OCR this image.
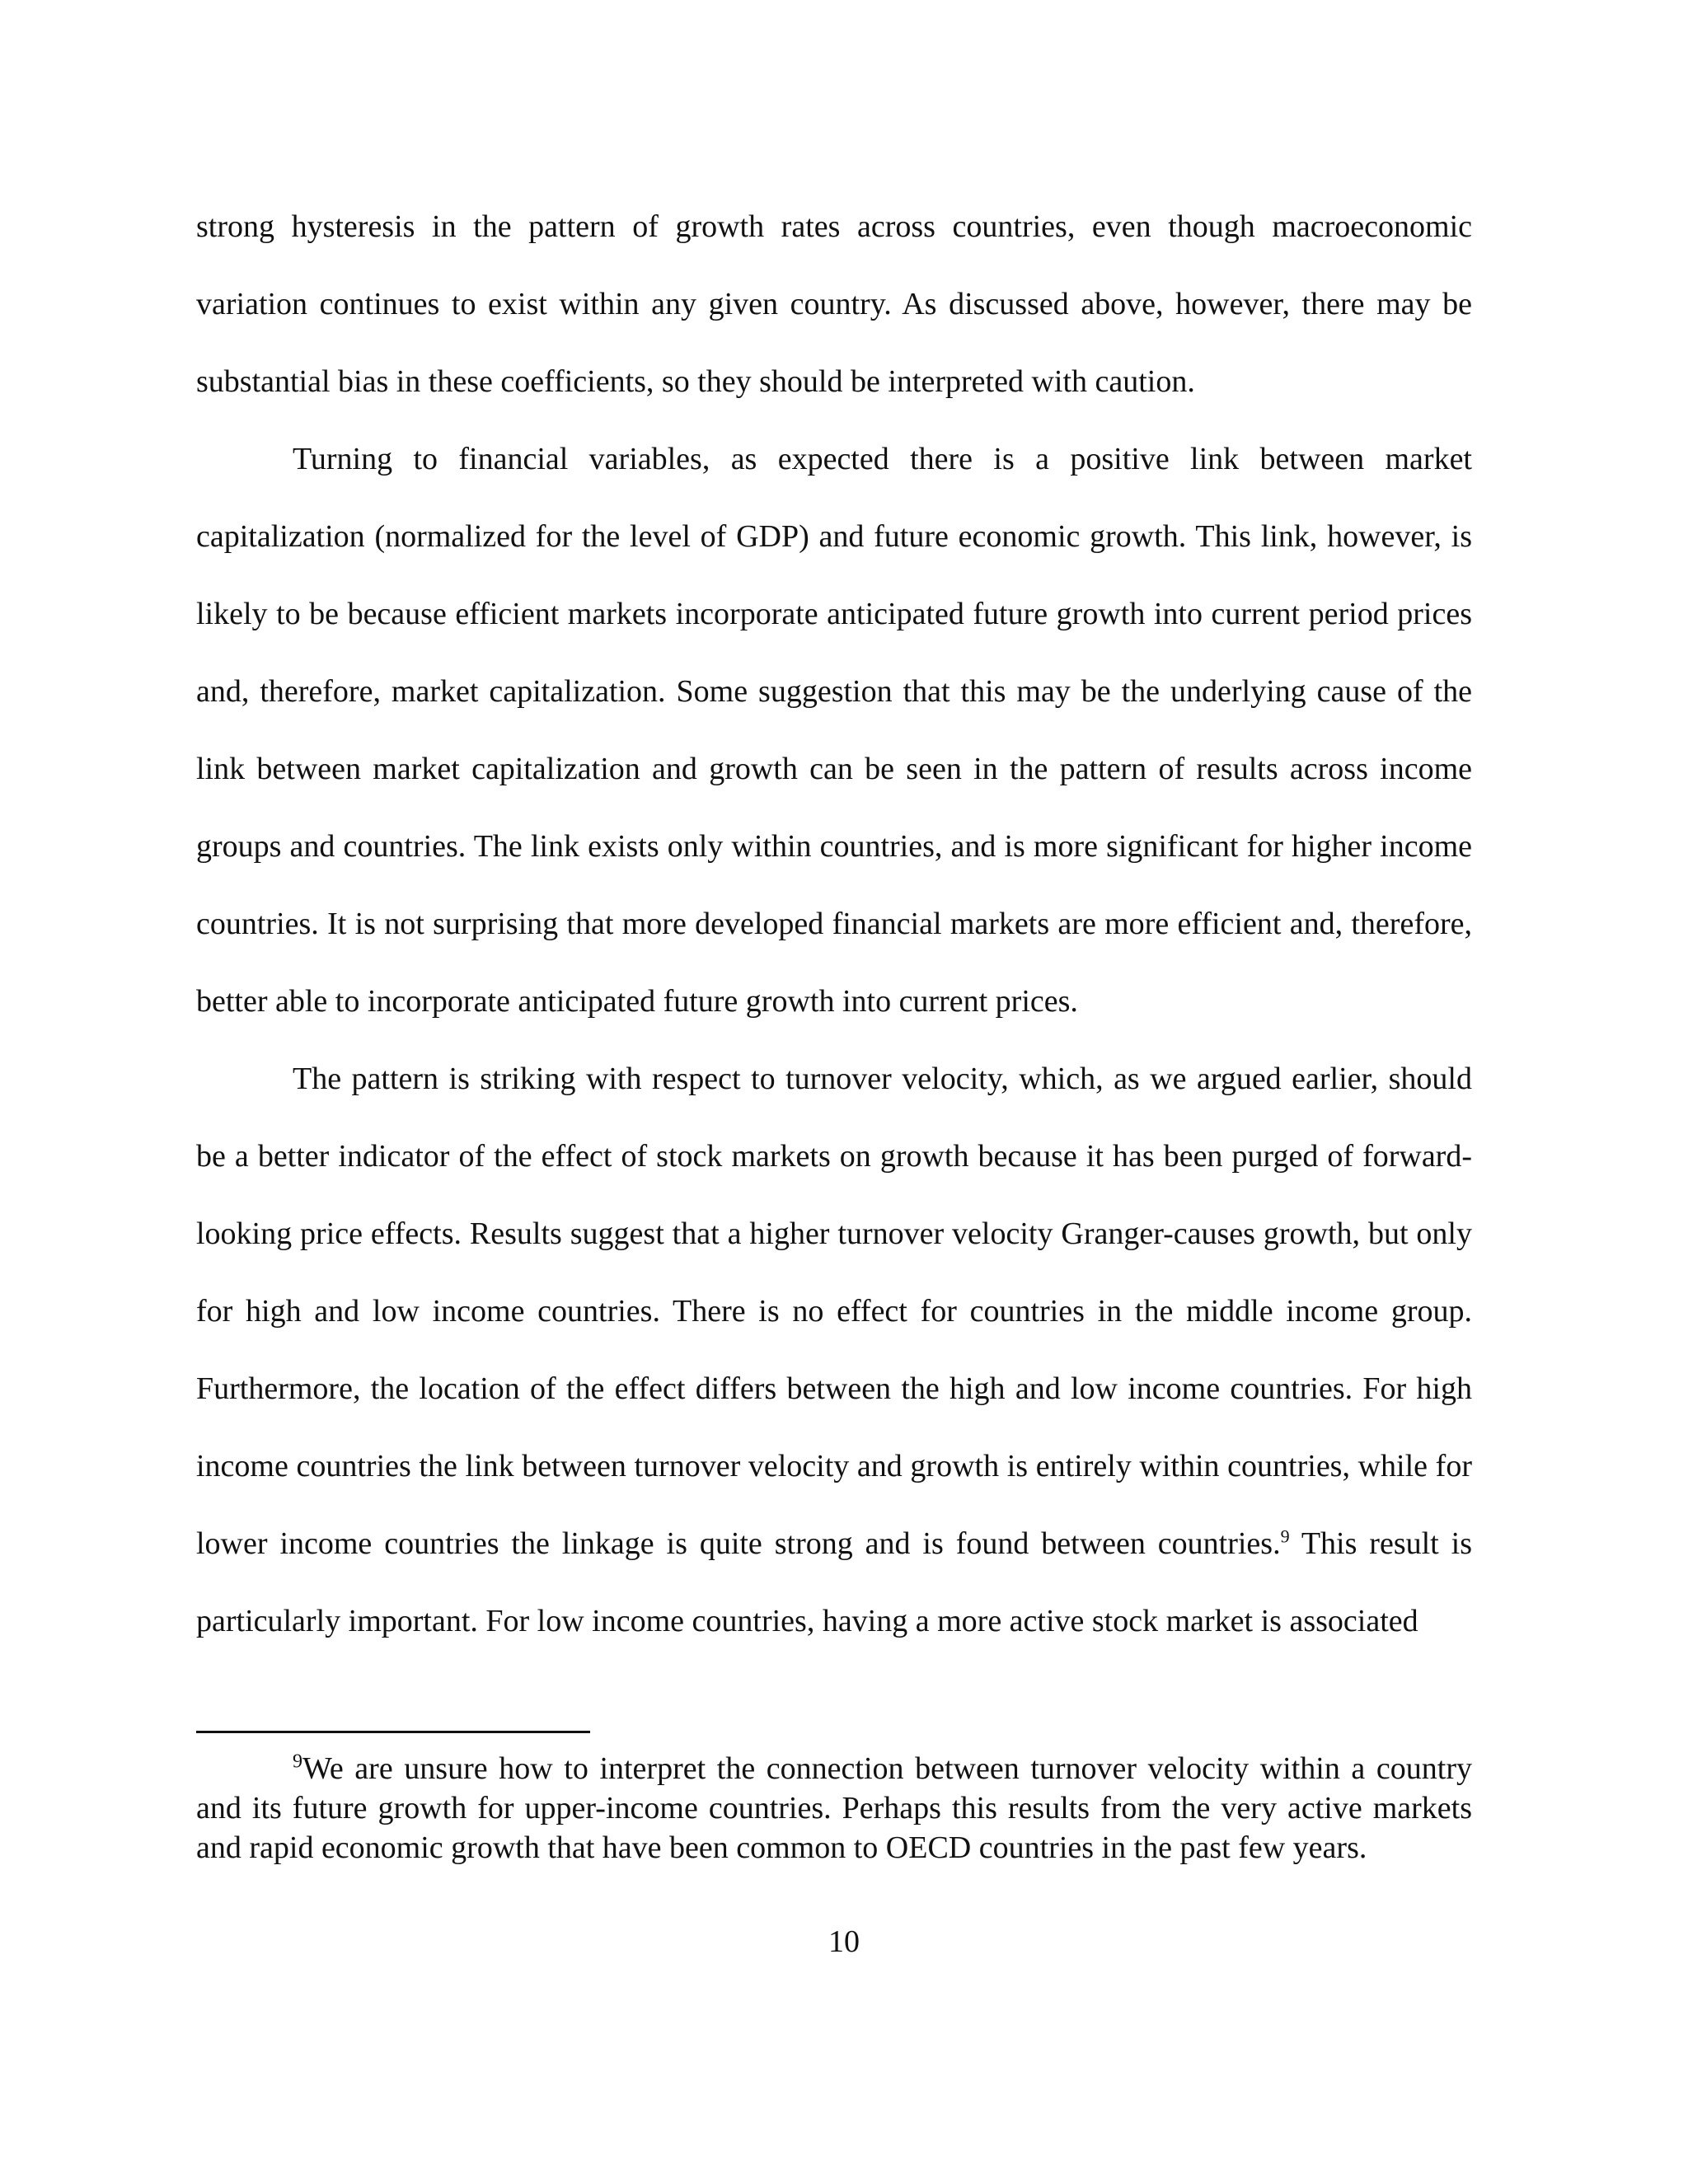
strong hysteresis in the pattern of growth rates across countries, even though macroeconomic variation continues to exist within any given country. As discussed above, however, there may be substantial bias in these coefficients, so they should be interpreted with caution.

Turning to financial variables, as expected there is a positive link between market capitalization (normalized for the level of GDP) and future economic growth. This link, however, is likely to be because efficient markets incorporate anticipated future growth into current period prices and, therefore, market capitalization. Some suggestion that this may be the underlying cause of the link between market capitalization and growth can be seen in the pattern of results across income groups and countries. The link exists only within countries, and is more significant for higher income countries. It is not surprising that more developed financial markets are more efficient and, therefore, better able to incorporate anticipated future growth into current prices.

The pattern is striking with respect to turnover velocity, which, as we argued earlier, should be a better indicator of the effect of stock markets on growth because it has been purged of forward-looking price effects. Results suggest that a higher turnover velocity Granger-causes growth, but only for high and low income countries. There is no effect for countries in the middle income group. Furthermore, the location of the effect differs between the high and low income countries. For high income countries the link between turnover velocity and growth is entirely within countries, while for lower income countries the linkage is quite strong and is found between countries.$^9$ This result is particularly important. For low income countries, having a more active stock market is associated

$^9$We are unsure how to interpret the connection between turnover velocity within a country and its future growth for upper-income countries. Perhaps this results from the very active markets and rapid economic growth that have been common to OECD countries in the past few years.

10
